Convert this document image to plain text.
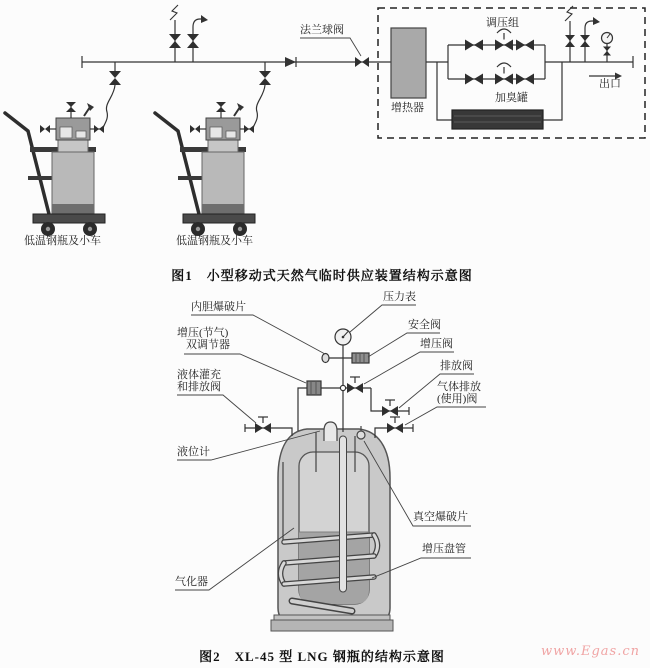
法兰球阀
调压组
增热器
加臭罐
出口
低温钢瓶及小车	低温钢瓶及小车
图1　小型移动式天然气临时供应装置结构示意图
内胆爆破片
压力表
安全阀
增压(节气)
双调节器	增压阀
排放阀
气体排放
(使用)阀
液体灌充
和排放阀
液位计
真空爆破片
增压盘管
气化器
图2　XL-45 型 LNG 钢瓶的结构示意图	www.Egas.cn
